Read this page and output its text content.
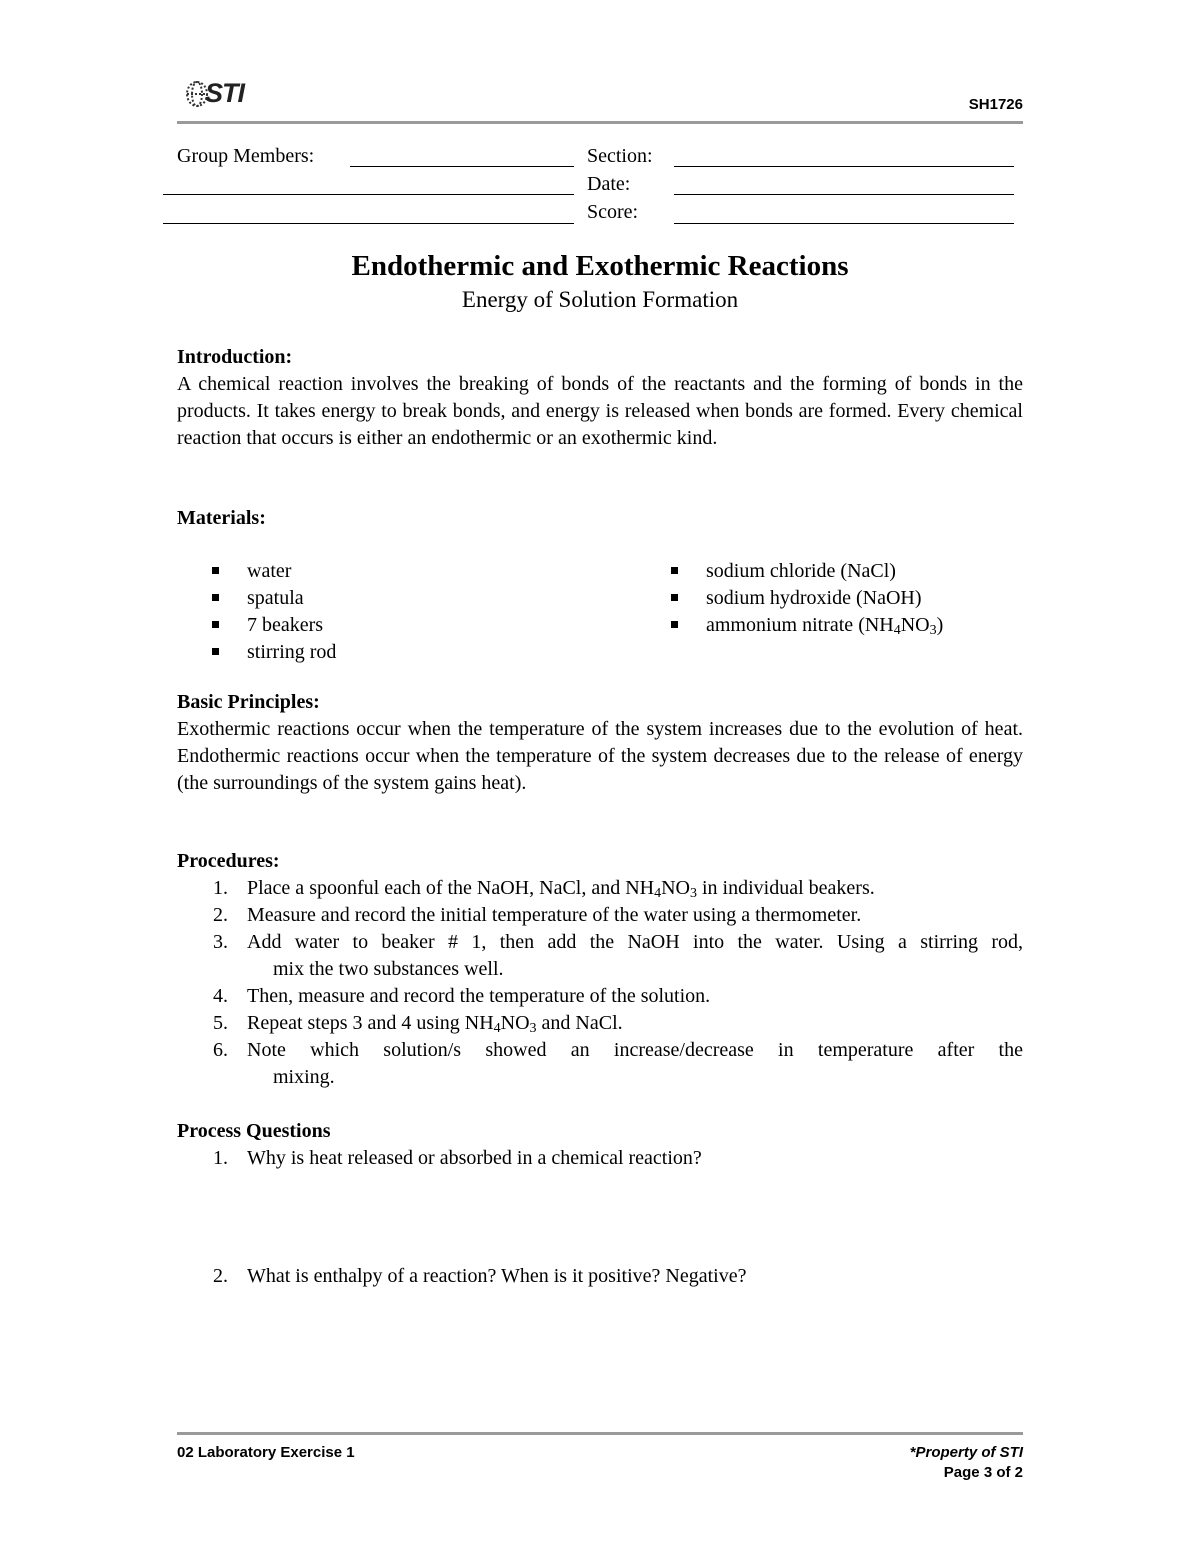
STI	SH1726
Group Members:	Section:
Date:
Score:
Endothermic and Exothermic Reactions
Energy of Solution Formation
Introduction:
A chemical reaction involves the breaking of bonds of the reactants and the forming of bonds in the products. It takes energy to break bonds, and energy is released when bonds are formed. Every chemical reaction that occurs is either an endothermic or an exothermic kind.
Materials:
water
spatula
7 beakers
stirring rod
sodium chloride (NaCl)
sodium hydroxide (NaOH)
ammonium nitrate $(NH_4NO_3)$
Basic Principles:
Exothermic reactions occur when the temperature of the system increases due to the evolution of heat. Endothermic reactions occur when the temperature of the system decreases due to the release of energy (the surroundings of the system gains heat).
Procedures:
1. Place a spoonful each of the NaOH, NaCl, and $NH_4NO_3$ in individual beakers.
2. Measure and record the initial temperature of the water using a thermometer.
3. Add water to beaker # 1, then add the NaOH into the water. Using a stirring rod,
mix the two substances well.
4. Then, measure and record the temperature of the solution.
5. Repeat steps 3 and 4 using $NH_4NO_3$ and NaCl.
6. Note which solution/s showed an increase/decrease in temperature after the
mixing.
Process Questions
1. Why is heat released or absorbed in a chemical reaction?
2. What is enthalpy of a reaction? When is it positive? Negative?
02 Laboratory Exercise 1	*Property of STI
Page 3 of 2
